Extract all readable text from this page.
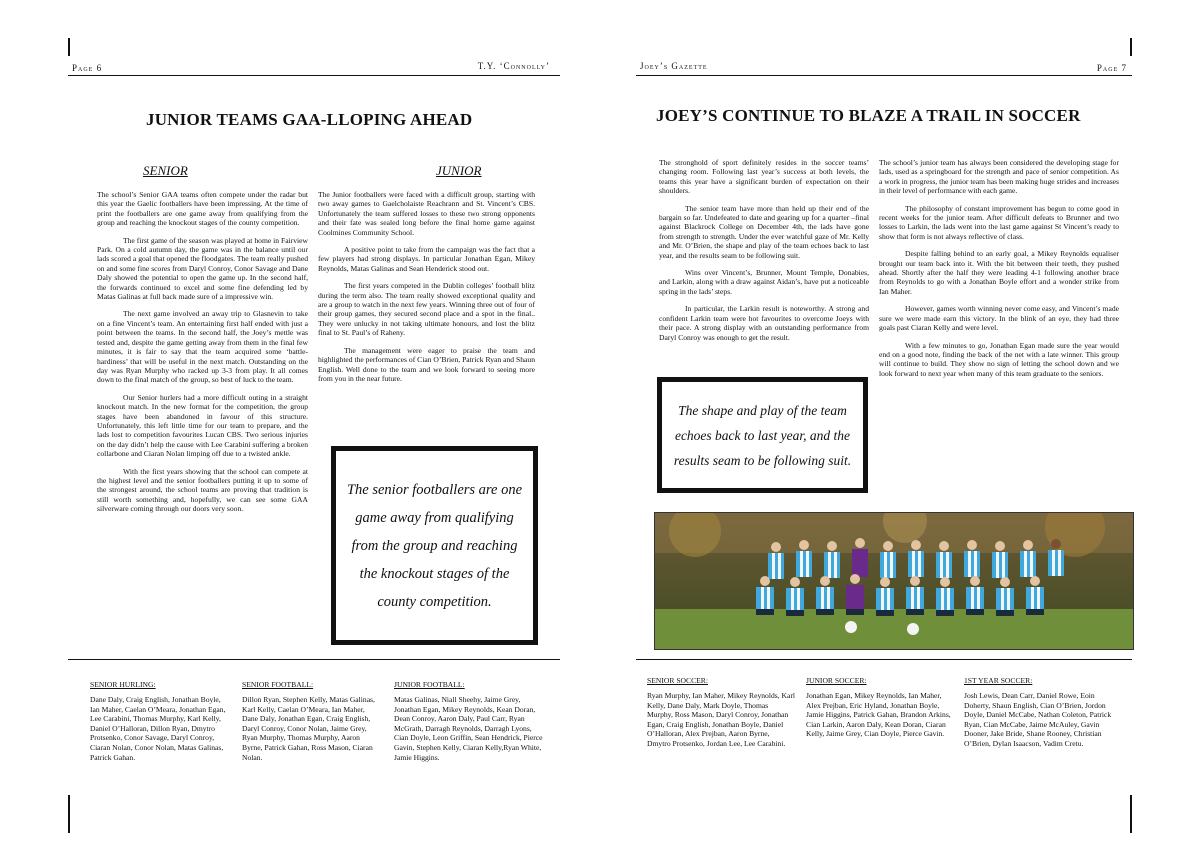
Page 6	T.Y. ‘Connolly’
JUNIOR TEAMS GAA-LLOPING AHEAD
SENIOR	JUNIOR

The school’s Senior GAA teams often compete under the radar but this year the Gaelic footballers have been impressing. At the time of print the footballers are one game away from qualifying from the group and reaching the knockout stages of the county competition.

The first game of the season was played at home in Fairview Park. On a cold autumn day, the game was in the balance until our lads scored a goal that opened the floodgates. The team really pushed on and some fine scores from Daryl Conroy, Conor Savage and Dane Daly showed the potential to open the game up. In the second half, the forwards continued to excel and some fine defending led by Matas Galinas at full back made sure of a impressive win.

The next game involved an away trip to Glasnevin to take on a fine Vincent’s team. An entertaining first half ended with just a point between the teams. In the second half, the Joey’s mettle was tested and, despite the game getting away from them in the final few minutes, it is fair to say that the team acquired some ‘battle-hardiness’ that will be useful in the next match. Outstanding on the day was Ryan Murphy who racked up 3-3 from play. It all comes down to the final match of the group, so best of luck to the team.

Our Senior hurlers had a more difficult outing in a straight knockout match. In the new format for the competition, the group stages have been abandoned in favour of this structure. Unfortunately, this left little time for our team to prepare, and the lads lost to competition favourites Lucan CBS. Two serious injuries on the day didn’t help the cause with Lee Carabini suffering a broken collarbone and Ciaran Nolan limping off due to a twisted ankle.

With the first years showing that the school can compete at the highest level and the senior footballers putting it up to some of the strongest around, the school teams are proving that tradition is still worth something and, hopefully, we can see some GAA silverware coming through our doors very soon.

The Junior footballers were faced with a difficult group, starting with two away games to Gaelcholaiste Reachrann and St. Vincent’s CBS. Unfortunately the team suffered losses to these two strong opponents and their fate was sealed long before the final home game against Coolmines Community School.

A positive point to take from the campaign was the fact that a few players had strong displays. In particular Jonathan Egan, Mikey Reynolds, Matas Galinas and Sean Henderick stood out.

The first years competed in the Dublin colleges’ football blitz during the term also. The team really showed exceptional quality and are a group to watch in the next few years. Winning three out of four of their group games, they secured second place and a spot in the final.. They were unlucky in not taking ultimate honours, and lost the blitz final to St. Paul’s of Raheny.

The management were eager to praise the team and highlighted the performances of Cian O’Brien, Patrick Ryan and Shaun English. Well done to the team and we look forward to seeing more from you in the near future.

The senior footballers are one game away from qualifying from the group and reaching the knockout stages of the county competition.
SENIOR HURLING:
Dane Daly, Craig English, Jonathan Boyle, Ian Maher, Caelan O’Meara, Jonathan Egan, Lee Carabini, Thomas Murphy, Karl Kelly, Daniel O’Halloran, Dillon Ryan, Dmytro Protsenko, Conor Savage, Daryl Conroy, Ciaran Nolan, Conor Nolan, Matas Galinas, Patrick Gahan.
SENIOR FOOTBALL:
Dillon Ryan, Stephen Kelly, Matas Galinas, Karl Kelly, Caelan O’Meara, Ian Maher, Dane Daly, Jonathan Egan, Craig English, Daryl Conroy, Conor Nolan, Jaime Grey, Ryan Murphy, Thomas Murphy, Aaron Byrne, Patrick Gahan, Ross Mason, Ciaran Nolan.
JUNIOR FOOTBALL:
Matas Galinas, Niall Sheehy, Jaime Grey, Jonathan Egan, Mikey Reynolds, Kean Doran, Dean Conroy, Aaron Daly, Paul Carr, Ryan McGrath, Darragh Reynolds, Darragh Lyons, Cian Doyle, Leon Griffin, Sean Hendrick, Pierce Gavin, Stephen Kelly, Ciaran Kelly,Ryan White, Jamie Higgins.
Joey’s Gazette	Page 7
JOEY’S CONTINUE TO BLAZE A TRAIL IN SOCCER

The stronghold of sport definitely resides in the soccer teams’ changing room. Following last year’s success at both levels, the teams this year have a significant burden of expectation on their shoulders.

The senior team have more than held up their end of the bargain so far. Undefeated to date and gearing up for a quarter –final against Blackrock College on December 4th, the lads have gone from strength to strength. Under the ever watchful gaze of Mr. Kelly and Mr. O’Brien, the shape and play of the team echoes back to last year, and the results seam to be following suit.

Wins over Vincent’s, Brunner, Mount Temple, Donabies, and Larkin, along with a draw against Aidan’s, have put a noticeable spring in the lads’ steps.

In particular, the Larkin result is noteworthy. A strong and confident Larkin team were hot favourites to overcome Joeys with their pace. A strong display with an outstanding performance from Daryl Conroy was enough to get the result.

The school’s junior team has always been considered the developing stage for lads, used as a springboard for the strength and pace of senior competition. As a work in progress, the junior team has been making huge strides and increases in their level of performance with each game.

The philosophy of constant improvement has begun to come good in recent weeks for the junior team. After difficult defeats to Brunner and two losses to Larkin, the lads went into the last game against St Vincent’s ready to show that form is not always reflective of class.

Despite falling behind to an early goal, a Mikey Reynolds equaliser brought our team back into it. With the bit between their teeth, they pushed ahead. Shortly after the half they were leading 4-1 following another brace from Reynolds to go with a Jonathan Boyle effort and a wonder strike from Ian Maher.

However, games worth winning never come easy, and Vincent’s made sure we were made earn this victory. In the blink of an eye, they had three goals past Ciaran Kelly and were level.

With a few minutes to go, Jonathan Egan made sure the year would end on a good note, finding the back of the net with a late winner. This group will continue to build. They show no sign of letting the school down and we look forward to next year when many of this team graduate to the seniors.

The shape and play of the team echoes back to last year, and the results seam to be following suit.
SENIOR SOCCER:
Ryan Murphy, Ian Maher, Mikey Reynolds, Karl Kelly, Dane Daly, Mark Doyle, Thomas Murphy, Ross Mason, Daryl Conroy, Jonathan Egan, Craig English, Jonathan Boyle, Daniel O’Halloran, Alex Prejban, Aaron Byrne, Dmytro Protsenko, Jordan Lee, Lee Carabini.
JUNIOR SOCCER:
Jonathan Egan, Mikey Reynolds, Ian Maher, Alex Prejban, Eric Hyland, Jonathan Boyle, Jamie Higgins, Patrick Gahan, Brandon Arkins, Cian Larkin, Aaron Daly, Kean Doran, Ciaran Kelly, Jaime Grey, Cian Doyle, Pierce Gavin.
1ST YEAR SOCCER:
Josh Lewis, Dean Carr, Daniel Rowe, Eoin Doherty, Shaun English, Cian O’Brien, Jordon Doyle, Daniel McCabe, Nathan Coleton, Patrick Ryan, Cian McCabe, Jaime McAuley, Gavin Dooner, Jake Bride, Shane Rooney, Christian O’Brien, Dylan Isaacson, Vadim Cretu.
